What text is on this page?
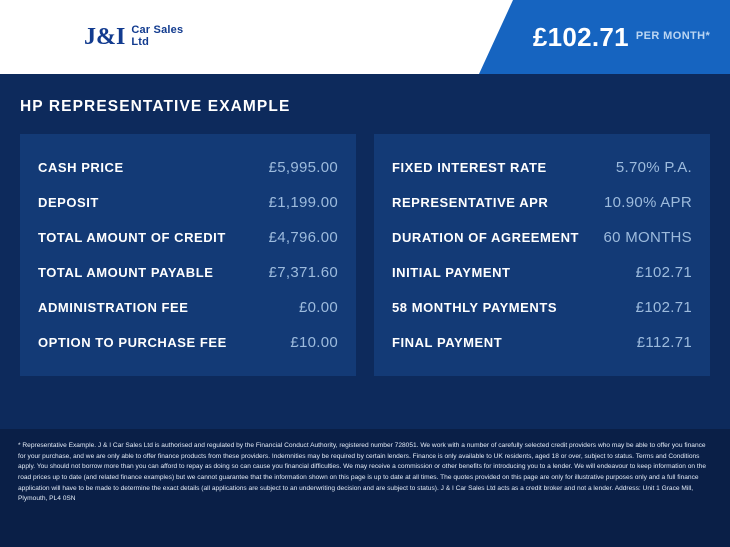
J&I Car Sales
Ltd	£102.71 PER MONTH*
HP REPRESENTATIVE EXAMPLE
CASH PRICE	£5,995.00
DEPOSIT	£1,199.00
TOTAL AMOUNT OF CREDIT	£4,796.00
TOTAL AMOUNT PAYABLE	£7,371.60
ADMINISTRATION FEE	£0.00
OPTION TO PURCHASE FEE	£10.00
FIXED INTEREST RATE	5.70% P.A.
REPRESENTATIVE APR	10.90% APR
DURATION OF AGREEMENT 60 MONTHS
INITIAL PAYMENT	£102.71
58 MONTHLY PAYMENTS	£102.71
FINAL PAYMENT	£112.71

* Representative Example. J & I Car Sales Ltd is authorised and regulated by the Financial Conduct Authority, registered number 728051. We work with a number of carefully selected credit providers who may be able to offer you finance for your purchase, and we are only able to offer finance products from these providers. Indemnities may be required by certain lenders. Finance is only available to UK residents, aged 18 or over, subject to status. Terms and Conditions apply. You should not borrow more than you can afford to repay as doing so can cause you financial difficulties. We may receive a commission or other benefits for introducing you to a lender. We will endeavour to keep information on the road prices up to date (and related finance examples) but we cannot guarantee that the information shown on this page is up to date at all times. The quotes provided on this page are only for illustrative purposes only and a full finance application will have to be made to determine the exact details (all applications are subject to an underwriting decision and are subject to status). J & I Car Sales Ltd acts as a credit broker and not a lender. Address: Unit 1 Grace Mill, Plymouth, PL4 0SN
